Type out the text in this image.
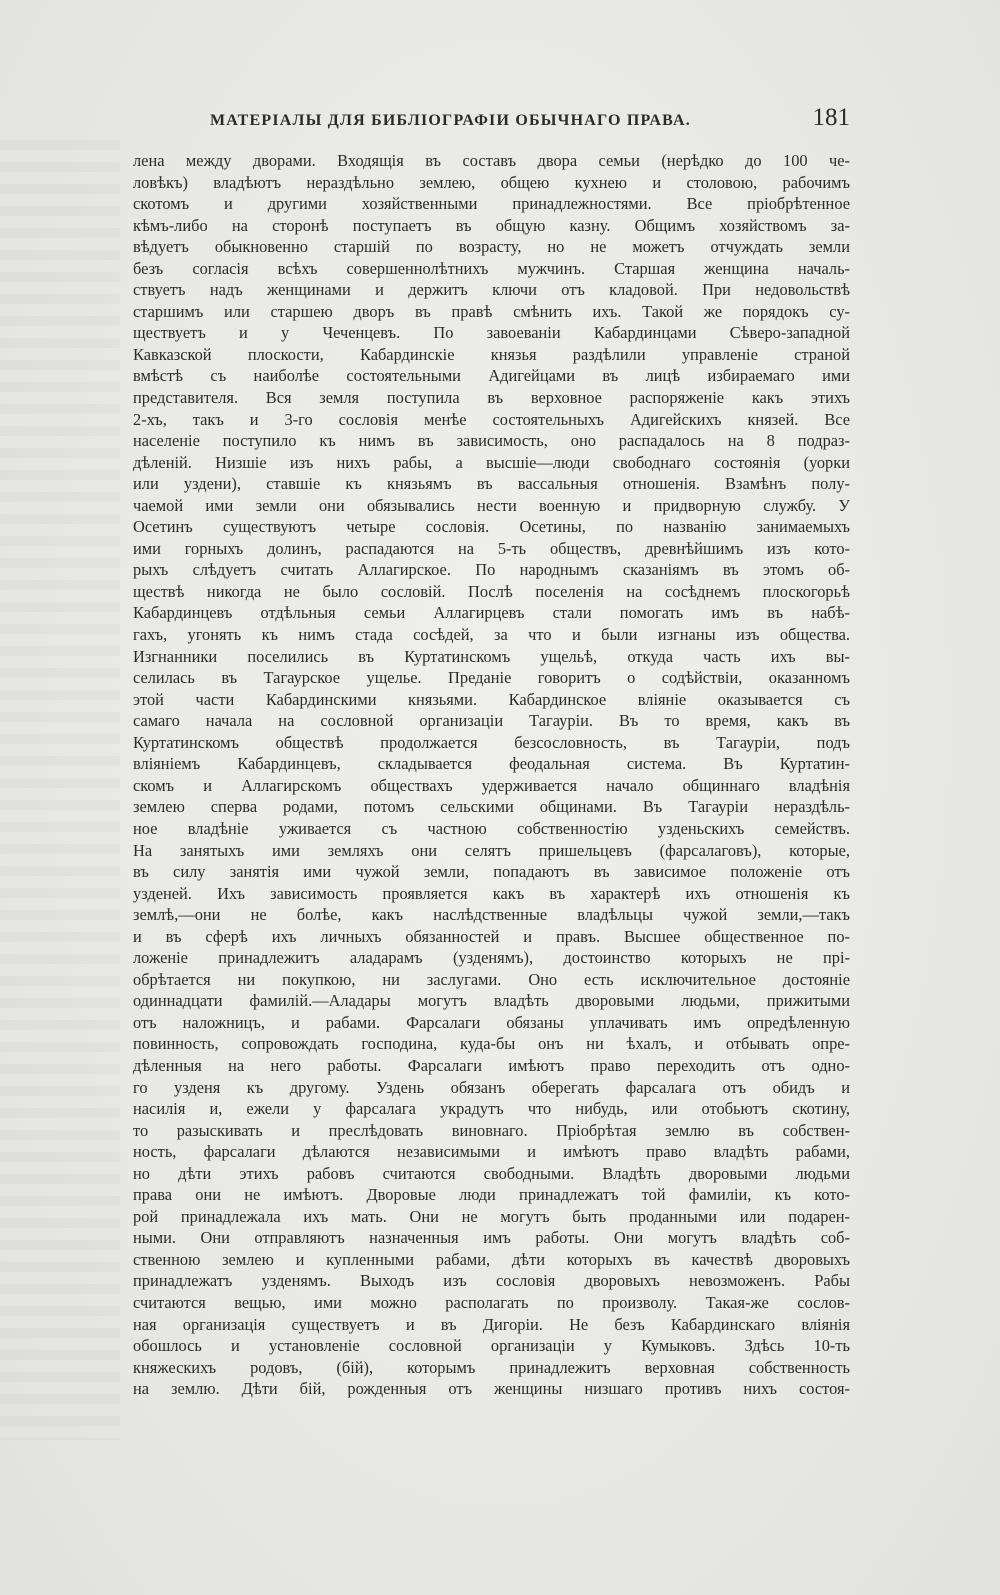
МАТЕРІАЛЫ ДЛЯ БИБЛІОГРАФІИ ОБЫЧНАГО ПРАВА.	181
лена между дворами. Входящія въ составъ двора семьи (нерѣдко до 100 че-
ловѣкъ) владѣютъ нераздѣльно землею, общею кухнею и столовою, рабочимъ
скотомъ и другими хозяйственными принадлежностями. Все пріобрѣтенное
кѣмъ-либо на сторонѣ поступаетъ въ общую казну. Общимъ хозяйствомъ за-
вѣдуетъ обыкновенно старшій по возрасту, но не можетъ отчуждать земли
безъ согласія всѣхъ совершеннолѣтнихъ мужчинъ. Старшая женщина началь-
ствуетъ надъ женщинами и держитъ ключи отъ кладовой. При недовольствѣ
старшимъ или старшею дворъ въ правѣ смѣнить ихъ. Такой же порядокъ су-
ществуетъ и у Чеченцевъ. По завоеваніи Кабардинцами Сѣверо-западной
Кавказской плоскости, Кабардинскіе князья раздѣлили управленіе страной
вмѣстѣ съ наиболѣе состоятельными Адигейцами въ лицѣ избираемаго ими
представителя. Вся земля поступила въ верховное распоряженіе какъ этихъ
2-хъ, такъ и 3-го сословія менѣе состоятельныхъ Адигейскихъ князей. Все
населеніе поступило къ нимъ въ зависимость, оно распадалось на 8 подраз-
дѣленій. Низшіе изъ нихъ рабы, а высшіе—люди свободнаго состоянія (уорки
или уздени), ставшіе къ князьямъ въ вассальныя отношенія. Взамѣнъ полу-
чаемой ими земли они обязывались нести военную и придворную службу. У
Осетинъ существуютъ четыре сословія. Осетины, по названію занимаемыхъ
ими горныхъ долинъ, распадаются на 5-ть обществъ, древнѣйшимъ изъ кото-
рыхъ слѣдуетъ считать Аллагирское. По народнымъ сказаніямъ въ этомъ об-
ществѣ никогда не было сословій. Послѣ поселенія на сосѣднемъ плоскогорьѣ
Кабардинцевъ отдѣльныя семьи Аллагирцевъ стали помогать имъ въ набѣ-
гахъ, угонять къ нимъ стада сосѣдей, за что и были изгнаны изъ общества.
Изгнанники поселились въ Куртатинскомъ ущельѣ, откуда часть ихъ вы-
селилась въ Тагаурское ущелье. Преданіе говоритъ о содѣйствіи, оказанномъ
этой части Кабардинскими князьями. Кабардинское вліяніе оказывается съ
самаго начала на сословной организаціи Тагауріи. Въ то время, какъ въ
Куртатинскомъ обществѣ продолжается безсословность, въ Тагауріи, подъ
вліяніемъ Кабардинцевъ, складывается феодальная система. Въ Куртатин-
скомъ и Аллагирскомъ обществахъ удерживается начало общиннаго владѣнія
землею сперва родами, потомъ сельскими общинами. Въ Тагауріи нераздѣль-
ное владѣніе уживается съ частною собственностію узденьскихъ семействъ.
На занятыхъ ими земляхъ они селятъ пришельцевъ (фарсалаговъ), которые,
въ силу занятія ими чужой земли, попадаютъ въ зависимое положеніе отъ
узденей. Ихъ зависимость проявляется какъ въ характерѣ ихъ отношенія къ
землѣ,—они не болѣе, какъ наслѣдственные владѣльцы чужой земли,—такъ
и въ сферѣ ихъ личныхъ обязанностей и правъ. Высшее общественное по-
ложеніе принадлежитъ аладарамъ (узденямъ), достоинство которыхъ не прі-
обрѣтается ни покупкою, ни заслугами. Оно есть исключительное достояніе
одиннадцати фамилій.—Аладары могутъ владѣть дворовыми людьми, прижитыми
отъ наложницъ, и рабами. Фарсалаги обязаны уплачивать имъ опредѣленную
повинность, сопровождать господина, куда-бы онъ ни ѣхалъ, и отбывать опре-
дѣленныя на него работы. Фарсалаги имѣютъ право переходить отъ одно-
го узденя къ другому. Уздень обязанъ оберегать фарсалага отъ обидъ и
насилія и, ежели у фарсалага украдутъ что нибудь, или отобьютъ скотину,
то разыскивать и преслѣдовать виновнаго. Пріобрѣтая землю въ собствен-
ность, фарсалаги дѣлаются независимыми и имѣютъ право владѣть рабами,
но дѣти этихъ рабовъ считаются свободными. Владѣть дворовыми людьми
права они не имѣютъ. Дворовые люди принадлежатъ той фамиліи, къ кото-
рой принадлежала ихъ мать. Они не могутъ быть проданными или подарен-
ными. Они отправляютъ назначенныя имъ работы. Они могутъ владѣть соб-
ственною землею и купленными рабами, дѣти которыхъ въ качествѣ дворовыхъ
принадлежатъ узденямъ. Выходъ изъ сословія дворовыхъ невозможенъ. Рабы
считаются вещью, ими можно располагать по произволу. Такая-же сослов-
ная организація существуетъ и въ Дигоріи. Не безъ Кабардинскаго вліянія
обошлось и установленіе сословной организаціи у Кумыковъ. Здѣсь 10-ть
княжескихъ родовъ, (бій), которымъ принадлежитъ верховная собственность
на землю. Дѣти бій, рожденныя отъ женщины низшаго противъ нихъ состоя-
